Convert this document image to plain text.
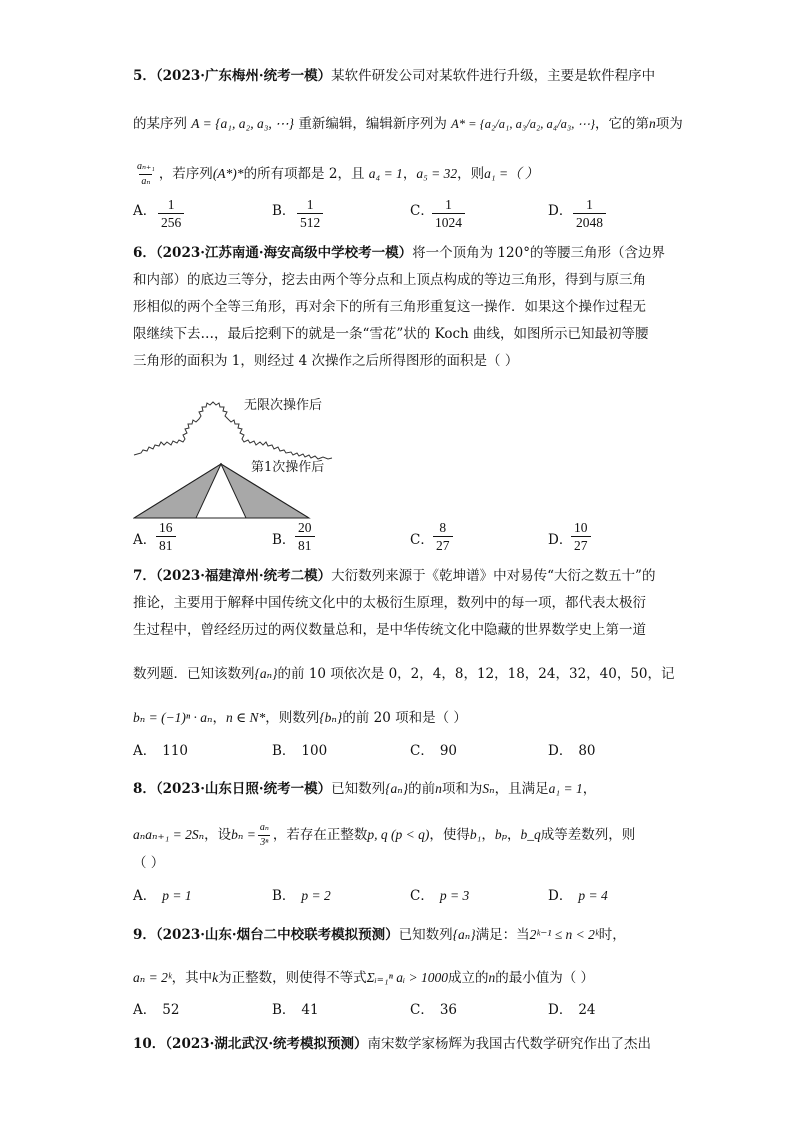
5．（2023·广东梅州·统考一模）某软件研发公司对某软件进行升级，主要是软件程序中
的某序列 A = {a₁, a₂, a₃, ⋯} 重新编辑，编辑新序列为 A* = {a₂/a₁, a₃/a₂, a₄/a₃, ⋯}，它的第n项为
$\frac{\text{aₙ₊₁}}{\text{aₙ}}$ ，若序列(A*)*的所有项都是 2，且 a₄ = 1，a₅ = 32，则a₁ =（ ）
A． $\frac{1}{256}$	B． $\frac{1}{512}$	C．
$\frac{1}{1024}$	D． $\frac{1}{2048}$
6．（2023·江苏南通·海安高级中学校考一模）将一个顶角为 120°的等腰三角形（含边界
和内部）的底边三等分，挖去由两个等分点和上顶点构成的等边三角形，得到与原三角
形相似的两个全等三角形，再对余下的所有三角形重复这一操作．如果这个操作过程无
限继续下去…，最后挖剩下的就是一条“雪花”状的 Koch 曲线，如图所示已知最初等腰
三角形的面积为 1，则经过 4 次操作之后所得图形的面积是（ ）
无限次操作后
第1次操作后
A． $\frac{16}{81}$	B． $\frac{20}{81}$	C． $\frac{8}{27}$	D．
$\frac{10}{27}$
7．（2023·福建漳州·统考二模）大衍数列来源于《乾坤谱》中对易传“大衍之数五十”的
推论，主要用于解释中国传统文化中的太极衍生原理，数列中的每一项，都代表太极衍
生过程中，曾经经历过的两仪数量总和，是中华传统文化中隐藏的世界数学史上第一道
数列题．已知该数列{aₙ}的前 10 项依次是 0，2，4，8，12，18，24，32，40，50，记
bₙ = (−1)ⁿ · aₙ，n ∈ N*，则数列{bₙ}的前 20 项和是（ ）
A． 110	B． 100	C． 90	D． 80
8．（2023·山东日照·统考一模）已知数列{aₙ}的前n项和为Sₙ，且满足a₁ = 1，
aₙaₙ₊₁ = 2Sₙ，设$b_n = \frac{\text{aₙ}}{\text{3ⁿ}}$ ，若存在正整数p, q (p < q)，使得b₁，bₚ，b_q成等差数列，则
（ ）
A． p = 1	B． p = 2	C． p = 3	D． p = 4
9．（2023·山东·烟台二中校联考模拟预测）已知数列{aₙ}满足：当2ᵏ⁻¹ ≤ n < 2ᵏ时，
aₙ = 2ᵏ，其中k为正整数，则使得不等式Σᵢ₌₁ⁿ aᵢ > 1000成立的n的最小值为（ ）
A． 52	B． 41	C． 36	D． 24
10．（2023·湖北武汉·统考模拟预测）南宋数学家杨辉为我国古代数学研究作出了杰出
